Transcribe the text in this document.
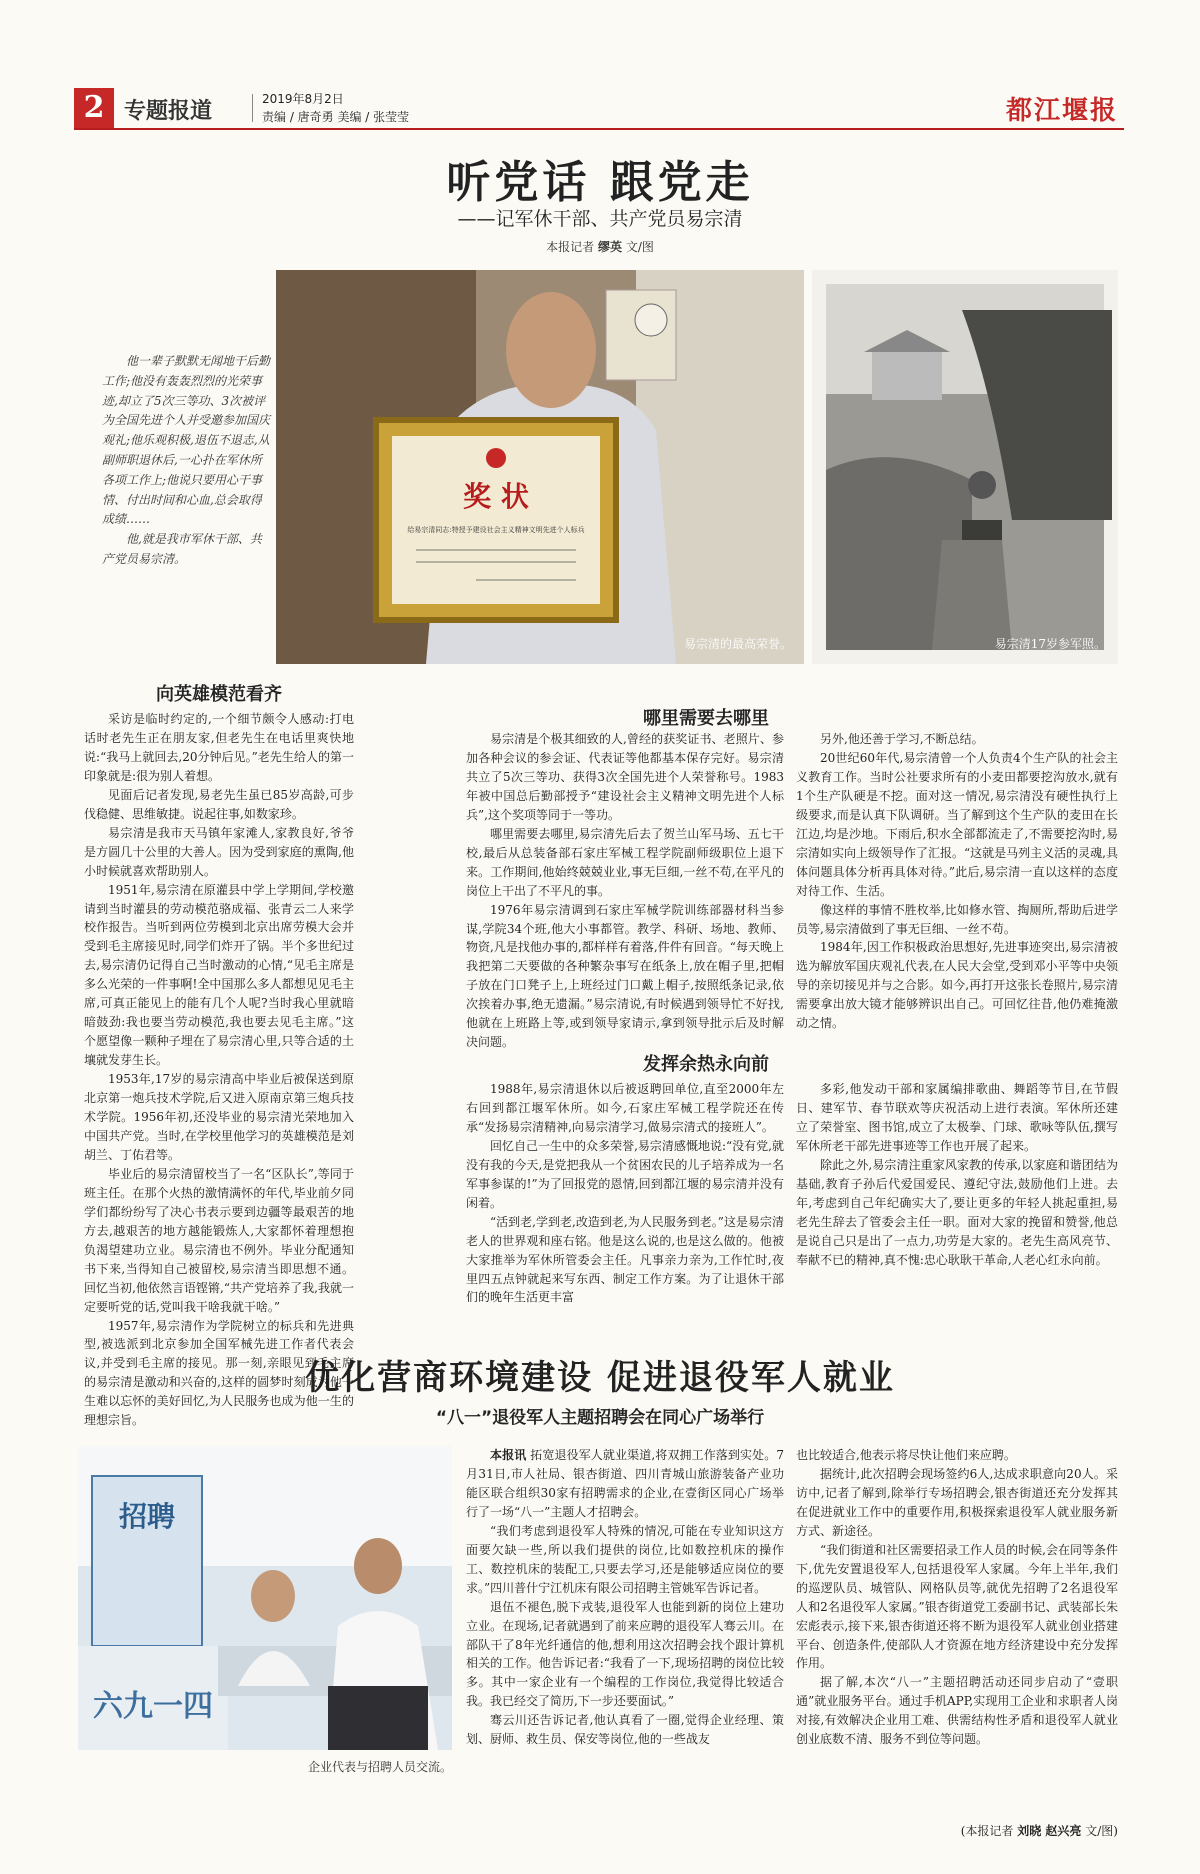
2 专题报道	2019年8月2日
责编 / 唐奇勇 美编 / 张莹莹	都江堰报
听党话 跟党走
——记军休干部、共产党员易宗清
本报记者 缪英 文/图

他一辈子默默无闻地干后勤工作;他没有轰轰烈烈的光荣事迹,却立了5次三等功、3次被评为全国先进个人并受邀参加国庆观礼;他乐观积极,退伍不退志,从副师职退休后,一心扑在军休所各项工作上;他说只要用心干事情、付出时间和心血,总会取得成绩……

他,就是我市军休干部、共产党员易宗清。

奖 状
给易宗清同志:特授予建设社会主义精神文明先进个人标兵
易宗清的最高荣誉。	易宗清17岁参军照。
向英雄模范看齐

采访是临时约定的,一个细节颇令人感动:打电话时老先生正在朋友家,但老先生在电话里爽快地说:“我马上就回去,20分钟后见。”老先生给人的第一印象就是:很为别人着想。

见面后记者发现,易老先生虽已85岁高龄,可步伐稳健、思维敏捷。说起往事,如数家珍。

易宗清是我市天马镇年家滩人,家教良好,爷爷是方圆几十公里的大善人。因为受到家庭的熏陶,他小时候就喜欢帮助别人。

1951年,易宗清在原灌县中学上学期间,学校邀请到当时灌县的劳动模范骆成福、张青云二人来学校作报告。当听到两位劳模到北京出席劳模大会并受到毛主席接见时,同学们炸开了锅。半个多世纪过去,易宗清仍记得自己当时激动的心情,“见毛主席是多么光荣的一件事啊!全中国那么多人都想见见毛主席,可真正能见上的能有几个人呢?当时我心里就暗暗鼓劲:我也要当劳动模范,我也要去见毛主席。”这个愿望像一颗种子埋在了易宗清心里,只等合适的土壤就发芽生长。

1953年,17岁的易宗清高中毕业后被保送到原北京第一炮兵技术学院,后又进入原南京第三炮兵技术学院。1956年初,还没毕业的易宗清光荣地加入中国共产党。当时,在学校里他学习的英雄模范是刘胡兰、丁佑君等。

毕业后的易宗清留校当了一名“区队长”,等同于班主任。在那个火热的激情满怀的年代,毕业前夕同学们都纷纷写了决心书表示要到边疆等最艰苦的地方去,越艰苦的地方越能锻炼人,大家都怀着理想抱负渴望建功立业。易宗清也不例外。毕业分配通知书下来,当得知自己被留校,易宗清当即思想不通。回忆当初,他依然言语铿锵,“共产党培养了我,我就一定要听党的话,党叫我干啥我就干啥。”

1957年,易宗清作为学院树立的标兵和先进典型,被选派到北京参加全国军械先进工作者代表会议,并受到毛主席的接见。那一刻,亲眼见到毛主席的易宗清是激动和兴奋的,这样的圆梦时刻成为他一生难以忘怀的美好回忆,为人民服务也成为他一生的理想宗旨。

哪里需要去哪里

易宗清是个极其细致的人,曾经的获奖证书、老照片、参加各种会议的参会证、代表证等他都基本保存完好。易宗清共立了5次三等功、获得3次全国先进个人荣誉称号。1983年被中国总后勤部授予“建设社会主义精神文明先进个人标兵”,这个奖项等同于一等功。

哪里需要去哪里,易宗清先后去了贺兰山军马场、五七干校,最后从总装备部石家庄军械工程学院副师级职位上退下来。工作期间,他始终兢兢业业,事无巨细,一丝不苟,在平凡的岗位上干出了不平凡的事。

1976年易宗清调到石家庄军械学院训练部器材科当参谋,学院34个班,他大小事都管。教学、科研、场地、教师、物资,凡是找他办事的,都样样有着落,件件有回音。“每天晚上我把第二天要做的各种繁杂事写在纸条上,放在帽子里,把帽子放在门口凳子上,上班经过门口戴上帽子,按照纸条记录,依次挨着办事,绝无遗漏。”易宗清说,有时候遇到领导忙不好找,他就在上班路上等,或到领导家请示,拿到领导批示后及时解决问题。

另外,他还善于学习,不断总结。

20世纪60年代,易宗清曾一个人负责4个生产队的社会主义教育工作。当时公社要求所有的小麦田都要挖沟放水,就有1个生产队硬是不挖。面对这一情况,易宗清没有硬性执行上级要求,而是认真下队调研。当了解到这个生产队的麦田在长江边,均是沙地。下雨后,积水全部都流走了,不需要挖沟时,易宗清如实向上级领导作了汇报。“这就是马列主义活的灵魂,具体问题具体分析再具体对待。”此后,易宗清一直以这样的态度对待工作、生活。

像这样的事情不胜枚举,比如修水管、掏厕所,帮助后进学员等,易宗清做到了事无巨细、一丝不苟。

1984年,因工作积极政治思想好,先进事迹突出,易宗清被选为解放军国庆观礼代表,在人民大会堂,受到邓小平等中央领导的亲切接见并与之合影。如今,再打开这张长卷照片,易宗清需要拿出放大镜才能够辨识出自己。可回忆往昔,他仍难掩激动之情。

发挥余热永向前

1988年,易宗清退休以后被返聘回单位,直至2000年左右回到都江堰军休所。如今,石家庄军械工程学院还在传承“发扬易宗清精神,向易宗清学习,做易宗清式的接班人”。

回忆自己一生中的众多荣誉,易宗清感慨地说:“没有党,就没有我的今天,是党把我从一个贫困农民的儿子培养成为一名军事参谋的!”为了回报党的恩情,回到都江堰的易宗清并没有闲着。

“活到老,学到老,改造到老,为人民服务到老。”这是易宗清老人的世界观和座右铭。他是这么说的,也是这么做的。他被大家推举为军休所管委会主任。凡事亲力亲为,工作忙时,夜里四五点钟就起来写东西、制定工作方案。为了让退休干部们的晚年生活更丰富

多彩,他发动干部和家属编排歌曲、舞蹈等节目,在节假日、建军节、春节联欢等庆祝活动上进行表演。军休所还建立了荣誉室、图书馆,成立了太极拳、门球、歌咏等队伍,撰写军休所老干部先进事迹等工作也开展了起来。

除此之外,易宗清注重家风家教的传承,以家庭和谐团结为基础,教育子孙后代爱国爱民、遵纪守法,鼓励他们上进。去年,考虑到自己年纪确实大了,要让更多的年轻人挑起重担,易老先生辞去了管委会主任一职。面对大家的挽留和赞誉,他总是说自己只是出了一点力,功劳是大家的。老先生高风亮节、奉献不已的精神,真不愧:忠心耿耿干革命,人老心红永向前。

优化营商环境建设 促进退役军人就业
“八一”退役军人主题招聘会在同心广场举行
招聘
六九一四
企业代表与招聘人员交流。

本报讯 拓宽退役军人就业渠道,将双拥工作落到实处。7月31日,市人社局、银杏街道、四川青城山旅游装备产业功能区联合组织30家有招聘需求的企业,在壹街区同心广场举行了一场“八一”主题人才招聘会。

“我们考虑到退役军人特殊的情况,可能在专业知识这方面要欠缺一些,所以我们提供的岗位,比如数控机床的操作工、数控机床的装配工,只要去学习,还是能够适应岗位的要求。”四川普什宁江机床有限公司招聘主管姚军告诉记者。

退伍不褪色,脱下戎装,退役军人也能到新的岗位上建功立业。在现场,记者就遇到了前来应聘的退役军人骞云川。在部队干了8年光纤通信的他,想利用这次招聘会找个跟计算机相关的工作。他告诉记者:“我看了一下,现场招聘的岗位比较多。其中一家企业有一个编程的工作岗位,我觉得比较适合我。我已经交了简历,下一步还要面试。”

骞云川还告诉记者,他认真看了一圈,觉得企业经理、策划、厨师、救生员、保安等岗位,他的一些战友

也比较适合,他表示将尽快让他们来应聘。

据统计,此次招聘会现场签约6人,达成求职意向20人。采访中,记者了解到,除举行专场招聘会,银杏街道还充分发挥其在促进就业工作中的重要作用,积极探索退役军人就业服务新方式、新途径。

“我们街道和社区需要招录工作人员的时候,会在同等条件下,优先安置退役军人,包括退役军人家属。今年上半年,我们的巡逻队员、城管队、网格队员等,就优先招聘了2名退役军人和2名退役军人家属。”银杏街道党工委副书记、武装部长朱宏彪表示,接下来,银杏街道还将不断为退役军人就业创业搭建平台、创造条件,使部队人才资源在地方经济建设中充分发挥作用。

据了解,本次“八一”主题招聘活动还同步启动了“壹职通”就业服务平台。通过手机APP,实现用工企业和求职者人岗对接,有效解决企业用工难、供需结构性矛盾和退役军人就业创业底数不清、服务不到位等问题。

(本报记者 刘晓 赵兴亮 文/图)
